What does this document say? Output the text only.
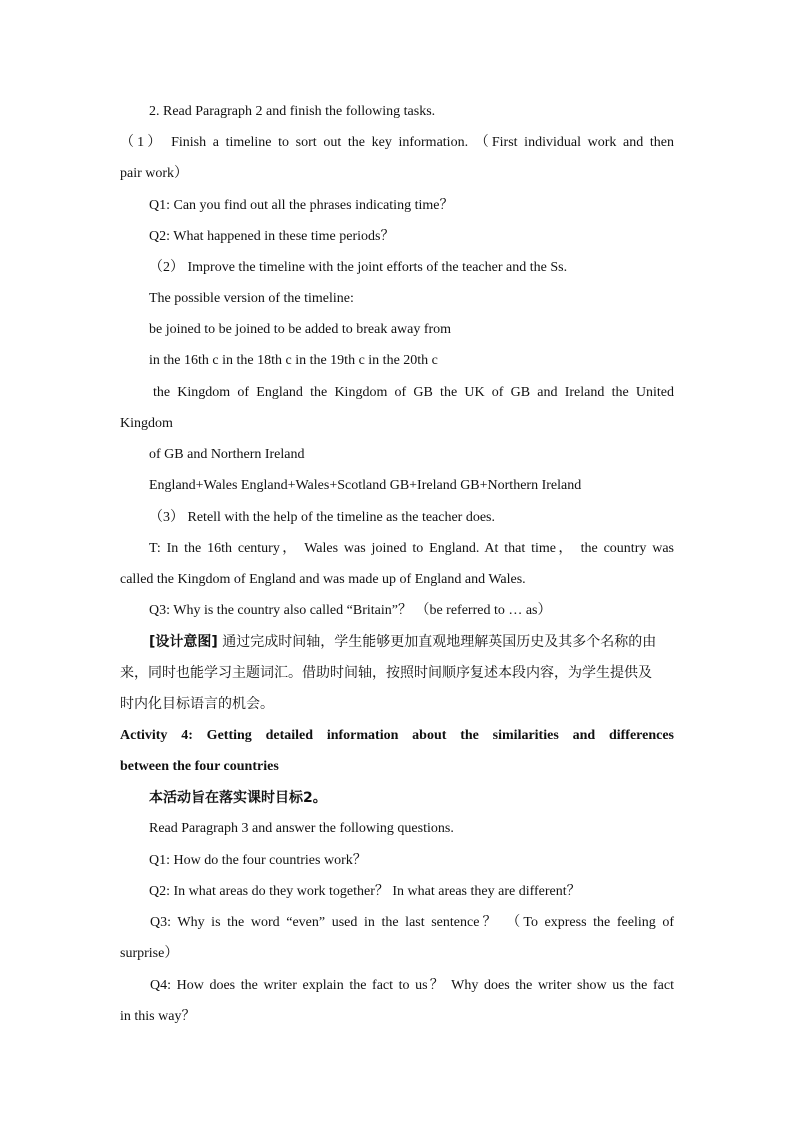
2. Read Paragraph 2 and finish the following tasks.
（1） Finish a timeline to sort out the key information. （First individual work and then
pair work）
Q1: Can you find out all the phrases indicating time？
Q2: What happened in these time periods？
（2） Improve the timeline with the joint efforts of the teacher and the Ss.
The possible version of the timeline:
be joined to be joined to be added to break away from
in the 16th c in the 18th c in the 19th c in the 20th c
the Kingdom of England the Kingdom of GB the UK of GB and Ireland the United
Kingdom
of GB and Northern Ireland
England+Wales England+Wales+Scotland GB+Ireland GB+Northern Ireland
（3） Retell with the help of the timeline as the teacher does.
T: In the 16th century， Wales was joined to England. At that time， the country was
called the Kingdom of England and was made up of England and Wales.
Q3: Why is the country also called “Britain”？ （be referred to … as）
[设计意图] 通过完成时间轴，学生能够更加直观地理解英国历史及其多个名称的由
来，同时也能学习主题词汇。借助时间轴，按照时间顺序复述本段内容，为学生提供及
时内化目标语言的机会。
Activity 4: Getting detailed information about the similarities and differences
between the four countries
本活动旨在落实课时目标2。
Read Paragraph 3 and answer the following questions.
Q1: How do the four countries work？
Q2: In what areas do they work together？ In what areas they are different？
Q3: Why is the word “even” used in the last sentence？ （To express the feeling of
surprise）
Q4: How does the writer explain the fact to us？ Why does the writer show us the fact
in this way？
